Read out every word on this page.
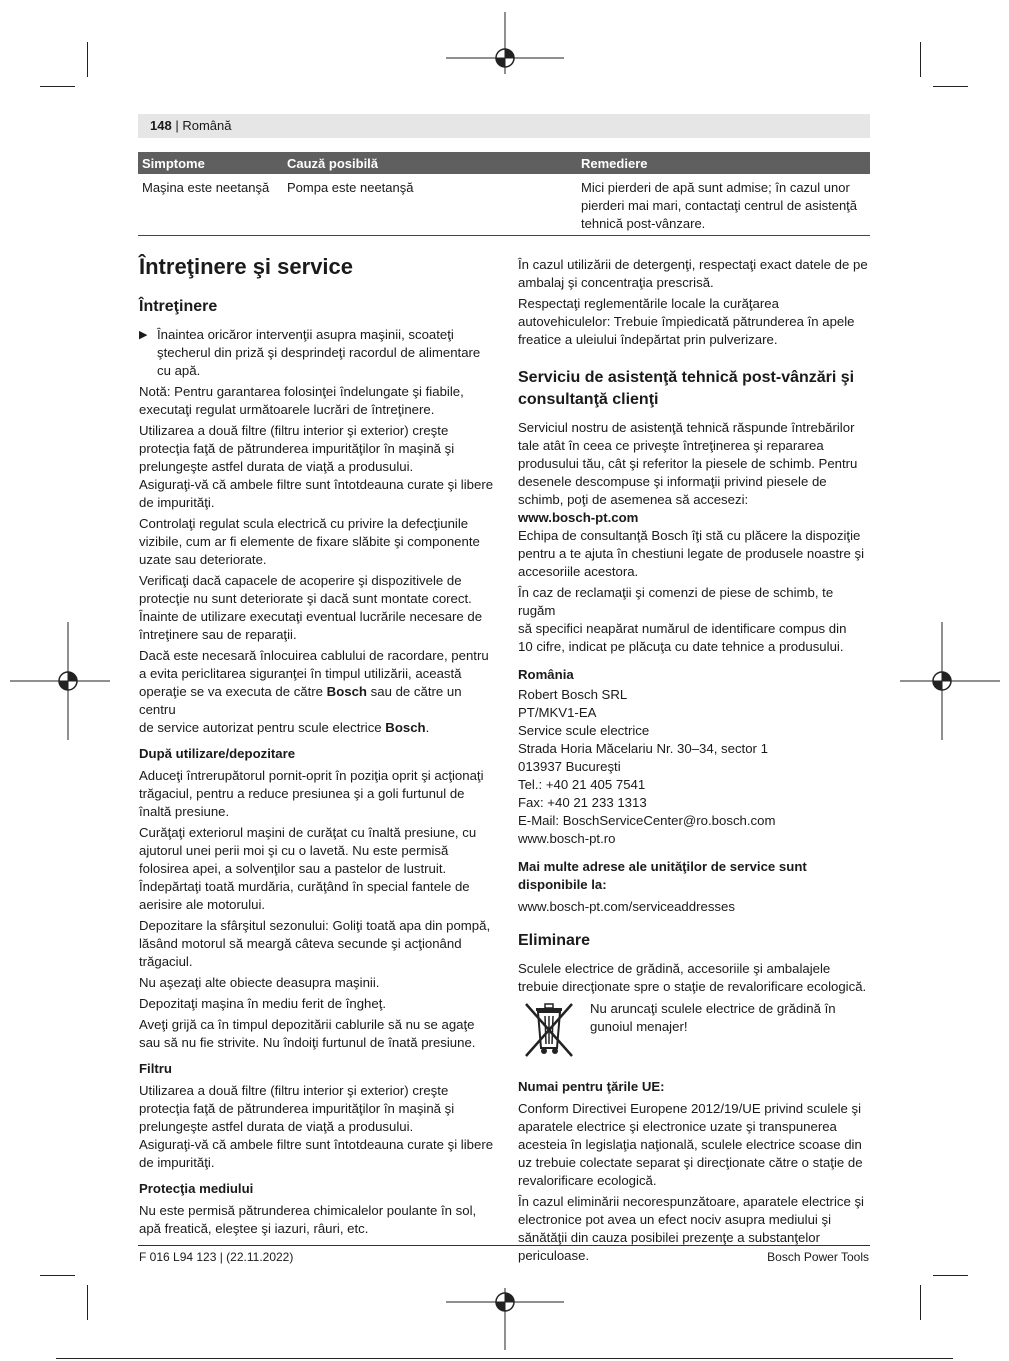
148 | Română
Simptome	Cauză posibilă	Remediere
Maşina este neetanşă	Pompa este neetanşă	Mici pierderi de apă sunt admise; în cazul unor
pierderi mai mari, contactaţi centrul de asistenţă
tehnică post-vânzare.
Întreţinere şi service
Întreţinere
▶ Înaintea oricăror intervenţii asupra maşinii, scoateţi
ştecherul din priză şi desprindeţi racordul de alimentare
cu apă.

Notă: Pentru garantarea folosinţei îndelungate şi fiabile,
executaţi regulat următoarele lucrări de întreţinere.

Utilizarea a două filtre (filtru interior şi exterior) creşte
protecţia faţă de pătrunderea impurităţilor în maşină şi
prelungeşte astfel durata de viaţă a produsului.
Asiguraţi-vă că ambele filtre sunt întotdeauna curate şi libere
de impurităţi.

Controlaţi regulat scula electrică cu privire la defecţiunile
vizibile, cum ar fi elemente de fixare slăbite şi componente
uzate sau deteriorate.

Verificaţi dacă capacele de acoperire şi dispozitivele de
protecţie nu sunt deteriorate şi dacă sunt montate corect.
Înainte de utilizare executaţi eventual lucrările necesare de
întreţinere sau de reparaţii.

Dacă este necesară înlocuirea cablului de racordare, pentru
a evita periclitarea siguranţei în timpul utilizării, această
operaţie se va executa de către Bosch sau de către un centru
de service autorizat pentru scule electrice Bosch.

După utilizare/depozitare

Aduceţi întrerupătorul pornit-oprit în poziţia oprit şi acţionaţi
trăgaciul, pentru a reduce presiunea şi a goli furtunul de
înaltă presiune.

Curăţaţi exteriorul maşini de curăţat cu înaltă presiune, cu
ajutorul unei perii moi şi cu o lavetă. Nu este permisă
folosirea apei, a solvenţilor sau a pastelor de lustruit.
Îndepărtaţi toată murdăria, curăţând în special fantele de
aerisire ale motorului.

Depozitare la sfârşitul sezonului: Goliţi toată apa din pompă,
lăsând motorul să meargă câteva secunde şi acţionând
trăgaciul.

Nu aşezaţi alte obiecte deasupra maşinii.

Depozitaţi maşina în mediu ferit de îngheţ.

Aveţi grijă ca în timpul depozitării cablurile să nu se agaţe
sau să nu fie strivite. Nu îndoiţi furtunul de înată presiune.

Filtru

Utilizarea a două filtre (filtru interior şi exterior) creşte
protecţia faţă de pătrunderea impurităţilor în maşină şi
prelungeşte astfel durata de viaţă a produsului.
Asiguraţi-vă că ambele filtre sunt întotdeauna curate şi libere
de impurităţi.

Protecţia mediului

Nu este permisă pătrunderea chimicalelor poulante în sol,
apă freatică, eleştee şi iazuri, râuri, etc.

În cazul utilizării de detergenţi, respectaţi exact datele de pe
ambalaj şi concentraţia prescrisă.

Respectaţi reglementările locale la curăţarea
autovehiculelor: Trebuie împiedicată pătrunderea în apele
freatice a uleiului îndepărtat prin pulverizare.

Serviciu de asistenţă tehnică post-vânzări şi
consultanţă clienţi

Serviciul nostru de asistenţă tehnică răspunde întrebărilor
tale atât în ceea ce priveşte întreţinerea şi repararea
produsului tău, cât şi referitor la piesele de schimb. Pentru
desenele descompuse şi informaţii privind piesele de
schimb, poţi de asemenea să accesezi:
www.bosch-pt.com
Echipa de consultanţă Bosch îţi stă cu plăcere la dispoziţie
pentru a te ajuta în chestiuni legate de produsele noastre şi
accesoriile acestora.

În caz de reclamaţii şi comenzi de piese de schimb, te rugăm
să specifici neapărat numărul de identificare compus din
10 cifre, indicat pe plăcuţa cu date tehnice a produsului.

România

Robert Bosch SRL
PT/MKV1-EA
Service scule electrice
Strada Horia Măcelariu Nr. 30–34, sector 1
013937 Bucureşti
Tel.: +40 21 405 7541
Fax: +40 21 233 1313
E-Mail: BoschServiceCenter@ro.bosch.com
www.bosch-pt.ro

Mai multe adrese ale unităţilor de service sunt
disponibile la:

www.bosch-pt.com/serviceaddresses

Eliminare

Sculele electrice de grădină, accesoriile şi ambalajele
trebuie direcţionate spre o staţie de revalorificare ecologică.

Nu aruncaţi sculele electrice de grădină în
gunoiul menajer!
Numai pentru ţările UE:

Conform Directivei Europene 2012/19/UE privind sculele şi
aparatele electrice şi electronice uzate şi transpunerea
acesteia în legislaţia naţională, sculele electrice scoase din
uz trebuie colectate separat şi direcţionate către o staţie de
revalorificare ecologică.

În cazul eliminării necorespunzătoare, aparatele electrice şi
electronice pot avea un efect nociv asupra mediului şi
sănătăţii din cauza posibilei prezenţe a substanţelor
periculoase.

F 016 L94 123 | (22.11.2022)	Bosch Power Tools
